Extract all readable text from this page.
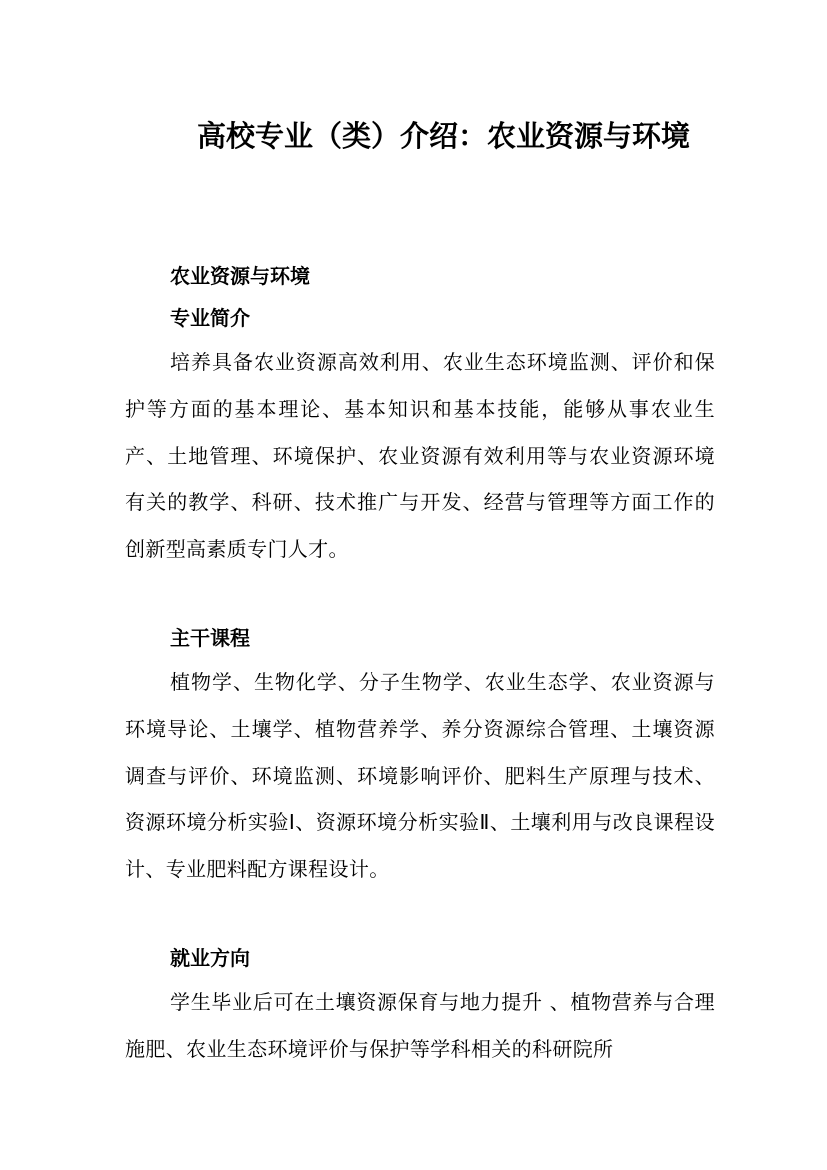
高校专业（类）介绍：农业资源与环境
农业资源与环境
专业简介

培养具备农业资源高效利用、农业生态环境监测、评价和保护等方面的基本理论、基本知识和基本技能，能够从事农业生产、土地管理、环境保护、农业资源有效利用等与农业资源环境有关的教学、科研、技术推广与开发、经营与管理等方面工作的创新型高素质专门人才。

主干课程

植物学、生物化学、分子生物学、农业生态学、农业资源与环境导论、土壤学、植物营养学、养分资源综合管理、土壤资源调查与评价、环境监测、环境影响评价、肥料生产原理与技术、资源环境分析实验Ⅰ、资源环境分析实验Ⅱ、土壤利用与改良课程设计、专业肥料配方课程设计。

就业方向

学生毕业后可在土壤资源保育与地力提升 、植物营养与合理施肥、农业生态环境评价与保护等学科相关的科研院所
